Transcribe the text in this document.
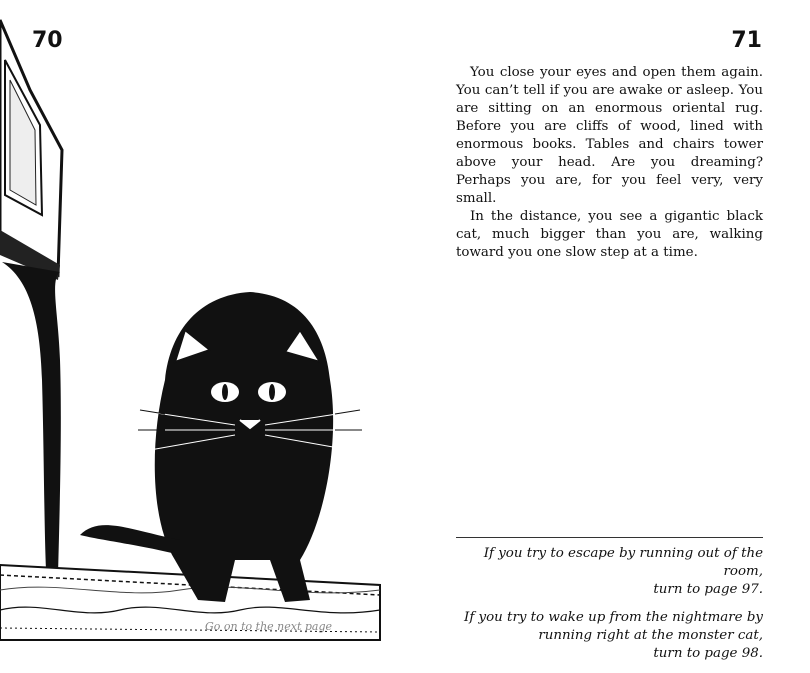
70
Go on to the next page
71

You close your eyes and open them again. You can’t tell if you are awake or asleep. You are sitting on an enormous oriental rug. Before you are cliffs of wood, lined with enormous books. Tables and chairs tower above your head. Are you dreaming? Perhaps you are, for you feel very, very small.

In the distance, you see a gigantic black cat, much bigger than you are, walking toward you one slow step at a time.

If you try to escape by running out of the room,
turn to page 97.
If you try to wake up from the nightmare by
running right at the monster cat,
turn to page 98.
